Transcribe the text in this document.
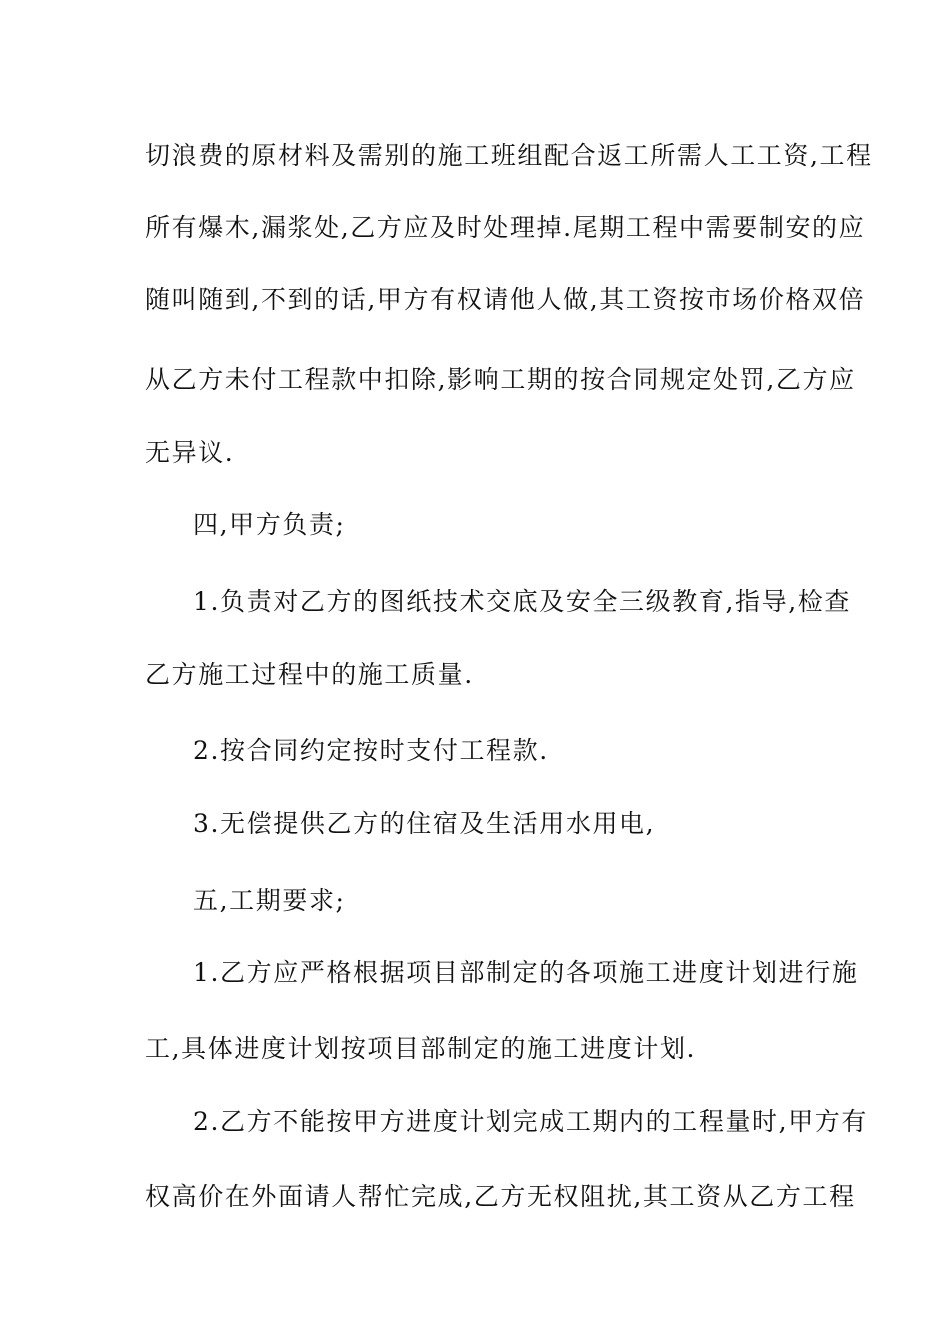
切浪费的原材料及需别的施工班组配合返工所需人工工资,工程
所有爆木,漏浆处,乙方应及时处理掉.尾期工程中需要制安的应
随叫随到,不到的话,甲方有权请他人做,其工资按市场价格双倍
从乙方未付工程款中扣除,影响工期的按合同规定处罚,乙方应
无异议.
四,甲方负责;
1.负责对乙方的图纸技术交底及安全三级教育,指导,检查
乙方施工过程中的施工质量.
2.按合同约定按时支付工程款.
3.无偿提供乙方的住宿及生活用水用电,
五,工期要求;
1.乙方应严格根据项目部制定的各项施工进度计划进行施
工,具体进度计划按项目部制定的施工进度计划.
2.乙方不能按甲方进度计划完成工期内的工程量时,甲方有
权高价在外面请人帮忙完成,乙方无权阻扰,其工资从乙方工程
